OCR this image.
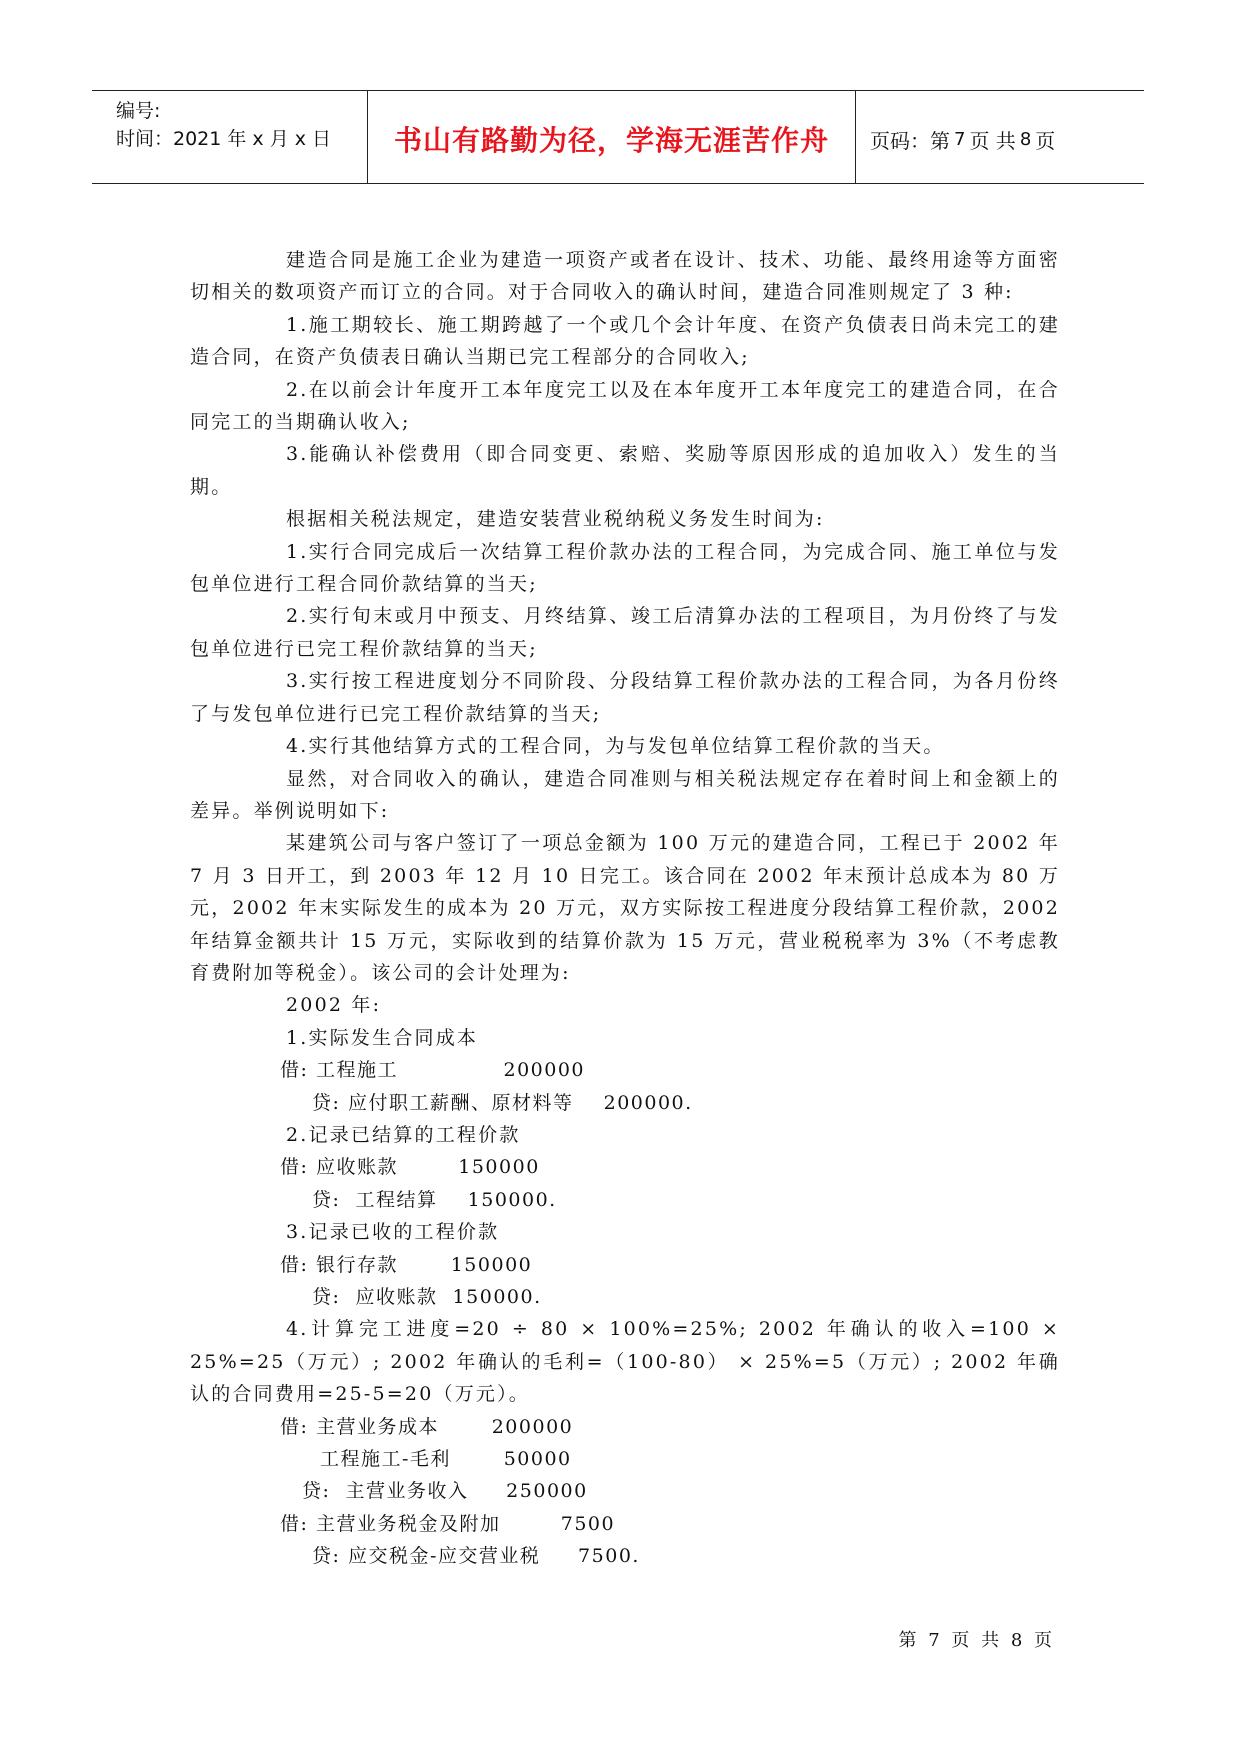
编号:
时间：2021 年 x 月 x 日	书山有路勤为径，学海无涯苦作舟	页码：第 7 页 共 8 页

建造合同是施工企业为建造一项资产或者在设计、技术、功能、最终用途等方面密切相关的数项资产而订立的合同。对于合同收入的确认时间，建造合同准则规定了 3 种:

1.施工期较长、施工期跨越了一个或几个会计年度、在资产负债表日尚未完工的建造合同，在资产负债表日确认当期已完工程部分的合同收入;

2.在以前会计年度开工本年度完工以及在本年度开工本年度完工的建造合同，在合同完工的当期确认收入;

3.能确认补偿费用（即合同变更、索赔、奖励等原因形成的追加收入）发生的当期。

根据相关税法规定，建造安装营业税纳税义务发生时间为:

1.实行合同完成后一次结算工程价款办法的工程合同，为完成合同、施工单位与发包单位进行工程合同价款结算的当天;

2.实行旬末或月中预支、月终结算、竣工后清算办法的工程项目，为月份终了与发包单位进行已完工程价款结算的当天;

3.实行按工程进度划分不同阶段、分段结算工程价款办法的工程合同，为各月份终了与发包单位进行已完工程价款结算的当天;

4.实行其他结算方式的工程合同，为与发包单位结算工程价款的当天。

显然，对合同收入的确认，建造合同准则与相关税法规定存在着时间上和金额上的差异。举例说明如下:

某建筑公司与客户签订了一项总金额为 100 万元的建造合同，工程已于 2002 年 7 月 3 日开工，到 2003 年 12 月 10 日完工。该合同在 2002 年末预计总成本为 80 万元，2002 年末实际发生的成本为 20 万元，双方实际按工程进度分段结算工程价款，2002 年结算金额共计 15 万元，实际收到的结算价款为 15 万元，营业税税率为 3%（不考虑教育费附加等税金）。该公司的会计处理为:

2002 年:

1.实际发生合同成本

借: 工程施工              200000

贷: 应付职工薪酬、原材料等    200000.

2.记录已结算的工程价款

借: 应收账款        150000

贷:  工程结算    150000.

3.记录已收的工程价款

借: 银行存款       150000

贷:  应收账款  150000.

4.计算完工进度=20 ÷ 80 × 100%=25%; 2002 年确认的收入=100 × 25%=25（万元）; 2002 年确认的毛利=（100-80） × 25%=5（万元）; 2002 年确认的合同费用=25-5=20（万元）。

借: 主营业务成本       200000

工程施工-毛利       50000

贷:  主营业务收入     250000

借: 主营业务税金及附加        7500

贷: 应交税金-应交营业税     7500.

第 7 页 共 8 页
